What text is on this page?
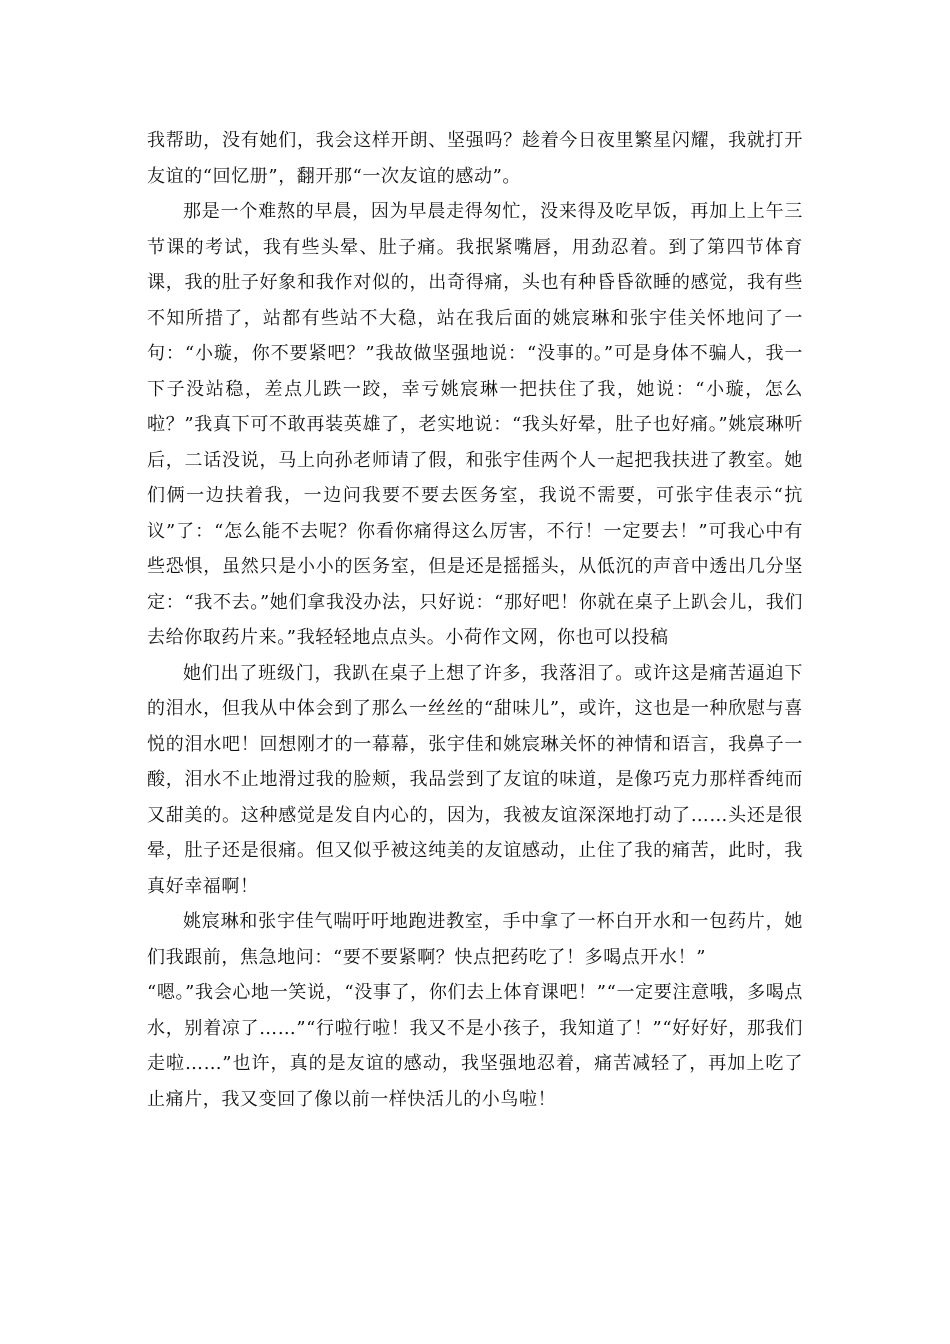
我帮助，没有她们，我会这样开朗、坚强吗？趁着今日夜里繁星闪耀，我就打开友谊的“回忆册”，翻开那“一次友谊的感动”。

那是一个难熬的早晨，因为早晨走得匆忙，没来得及吃早饭，再加上上午三节课的考试，我有些头晕、肚子痛。我抿紧嘴唇，用劲忍着。到了第四节体育课，我的肚子好象和我作对似的，出奇得痛，头也有种昏昏欲睡的感觉，我有些不知所措了，站都有些站不大稳，站在我后面的姚宸琳和张宇佳关怀地问了一句：“小璇，你不要紧吧？”我故做坚强地说：“没事的。”可是身体不骗人，我一下子没站稳，差点儿跌一跤，幸亏姚宸琳一把扶住了我，她说：“小璇，怎么啦？”我真下可不敢再装英雄了，老实地说：“我头好晕，肚子也好痛。”姚宸琳听后，二话没说，马上向孙老师请了假，和张宇佳两个人一起把我扶进了教室。她们俩一边扶着我，一边问我要不要去医务室，我说不需要，可张宇佳表示“抗议”了：“怎么能不去呢？你看你痛得这么厉害，不行！一定要去！”可我心中有些恐惧，虽然只是小小的医务室，但是还是摇摇头，从低沉的声音中透出几分坚定：“我不去。”她们拿我没办法，只好说：“那好吧！你就在桌子上趴会儿，我们去给你取药片来。”我轻轻地点点头。小荷作文网，你也可以投稿

她们出了班级门，我趴在桌子上想了许多，我落泪了。或许这是痛苦逼迫下的泪水，但我从中体会到了那么一丝丝的“甜味儿”，或许，这也是一种欣慰与喜悦的泪水吧！回想刚才的一幕幕，张宇佳和姚宸琳关怀的神情和语言，我鼻子一酸，泪水不止地滑过我的脸颊，我品尝到了友谊的味道，是像巧克力那样香纯而又甜美的。这种感觉是发自内心的，因为，我被友谊深深地打动了……头还是很晕，肚子还是很痛。但又似乎被这纯美的友谊感动，止住了我的痛苦，此时，我真好幸福啊！

姚宸琳和张宇佳气喘吁吁地跑进教室，手中拿了一杯白开水和一包药片，她们我跟前，焦急地问：“要不要紧啊？快点把药吃了！多喝点开水！”

“嗯。”我会心地一笑说，“没事了，你们去上体育课吧！”“一定要注意哦，多喝点水，别着凉了……”“行啦行啦！我又不是小孩子，我知道了！”“好好好，那我们走啦……”也许，真的是友谊的感动，我坚强地忍着，痛苦减轻了，再加上吃了止痛片，我又变回了像以前一样快活儿的小鸟啦！
